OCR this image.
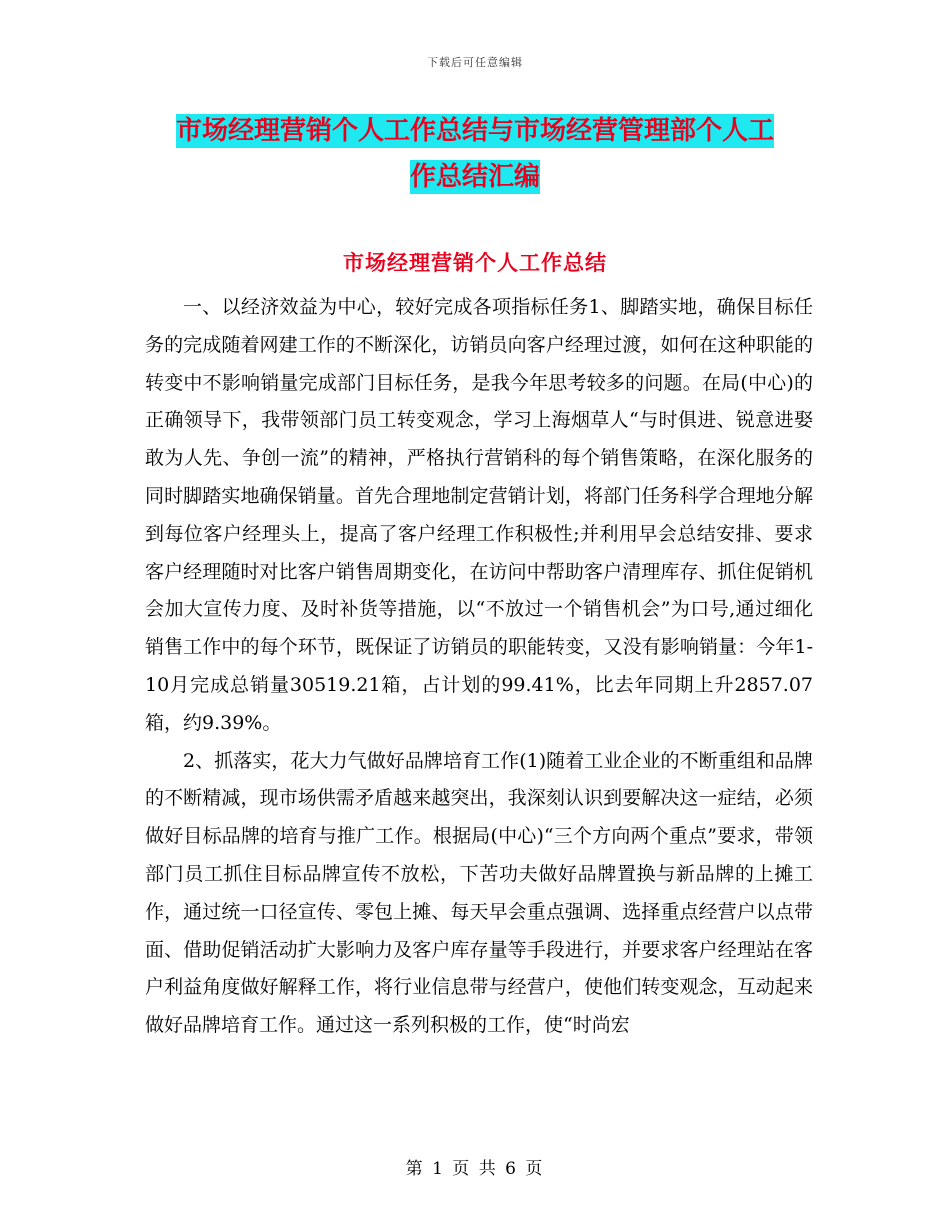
下载后可任意编辑
市场经理营销个人工作总结与市场经营管理部个人工
作总结汇编
市场经理营销个人工作总结

一、以经济效益为中心，较好完成各项指标任务1、脚踏实地，确保目标任务的完成随着网建工作的不断深化，访销员向客户经理过渡，如何在这种职能的转变中不影响销量完成部门目标任务，是我今年思考较多的问题。在局(中心)的正确领导下，我带领部门员工转变观念，学习上海烟草人“与时俱进、锐意进娶敢为人先、争创一流”的精神，严格执行营销科的每个销售策略，在深化服务的同时脚踏实地确保销量。首先合理地制定营销计划，将部门任务科学合理地分解到每位客户经理头上，提高了客户经理工作积极性;并利用早会总结安排、要求客户经理随时对比客户销售周期变化，在访问中帮助客户清理库存、抓住促销机会加大宣传力度、及时补货等措施，以“不放过一个销售机会”为口号,通过细化销售工作中的每个环节，既保证了访销员的职能转变，又没有影响销量：今年1-10月完成总销量30519.21箱，占计划的99.41%，比去年同期上升2857.07箱，约9.39%。

2、抓落实，花大力气做好品牌培育工作(1)随着工业企业的不断重组和品牌的不断精减，现市场供需矛盾越来越突出，我深刻认识到要解决这一症结，必须做好目标品牌的培育与推广工作。根据局(中心)“三个方向两个重点”要求，带领部门员工抓住目标品牌宣传不放松，下苦功夫做好品牌置换与新品牌的上摊工作，通过统一口径宣传、零包上摊、每天早会重点强调、选择重点经营户以点带面、借助促销活动扩大影响力及客户库存量等手段进行，并要求客户经理站在客户利益角度做好解释工作，将行业信息带与经营户，使他们转变观念，互动起来做好品牌培育工作。通过这一系列积极的工作，使“时尚宏

第 1 页 共 6 页
